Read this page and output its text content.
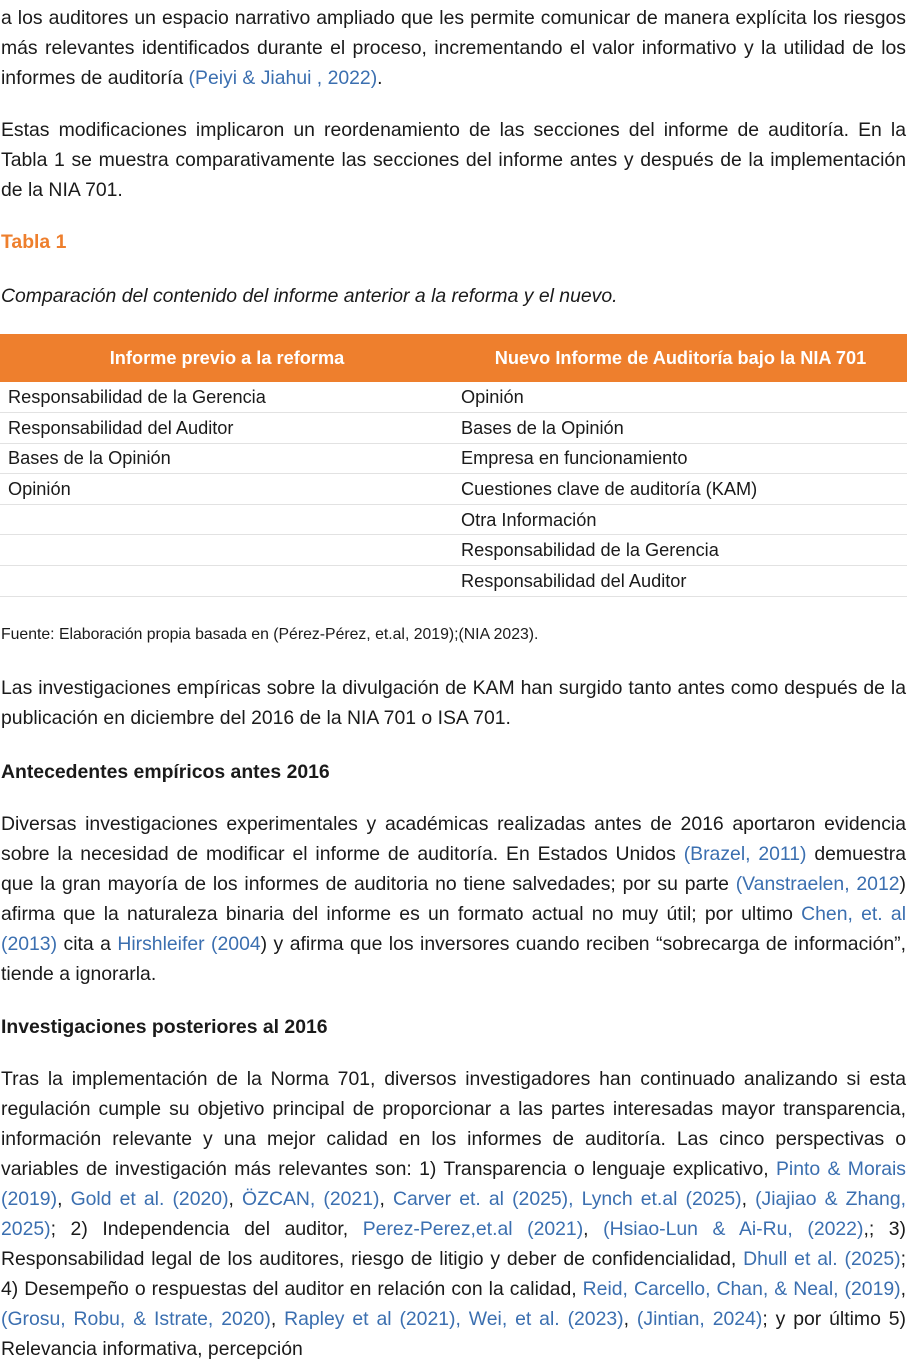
a los auditores un espacio narrativo ampliado que les permite comunicar de manera explícita los riesgos más relevantes identificados durante el proceso, incrementando el valor informativo y la utilidad de los informes de auditoría (Peiyi & Jiahui , 2022).

Estas modificaciones implicaron un reordenamiento de las secciones del informe de auditoría. En la Tabla 1 se muestra comparativamente las secciones del informe antes y después de la implementación de la NIA 701.

Tabla 1
Comparación del contenido del informe anterior a la reforma y el nuevo.
Informe previo a la reforma	Nuevo Informe de Auditoría bajo la NIA 701
Responsabilidad de la Gerencia	Opinión
Responsabilidad del Auditor	Bases de la Opinión
Bases de la Opinión	Empresa en funcionamiento
Opinión	Cuestiones clave de auditoría (KAM)
	Otra Información
	Responsabilidad de la Gerencia
	Responsabilidad del Auditor
Fuente: Elaboración propia basada en (Pérez-Pérez, et.al, 2019);(NIA 2023).

Las investigaciones empíricas sobre la divulgación de KAM han surgido tanto antes como después de la publicación en diciembre del 2016 de la NIA 701 o ISA 701.

Antecedentes empíricos antes 2016

Diversas investigaciones experimentales y académicas realizadas antes de 2016 aportaron evidencia sobre la necesidad de modificar el informe de auditoría. En Estados Unidos (Brazel, 2011) demuestra que la gran mayoría de los informes de auditoria no tiene salvedades; por su parte (Vanstraelen, 2012) afirma que la naturaleza binaria del informe es un formato actual no muy útil; por ultimo Chen, et. al (2013) cita a Hirshleifer (2004) y afirma que los inversores cuando reciben “sobrecarga de información”, tiende a ignorarla.

Investigaciones posteriores al 2016

Tras la implementación de la Norma 701, diversos investigadores han continuado analizando si esta regulación cumple su objetivo principal de proporcionar a las partes interesadas mayor transparencia, información relevante y una mejor calidad en los informes de auditoría. Las cinco perspectivas o variables de investigación más relevantes son: 1) Transparencia o lenguaje explicativo, Pinto & Morais (2019), Gold et al. (2020), ÖZCAN, (2021), Carver et. al (2025), Lynch et.al (2025), (Jiajiao & Zhang, 2025); 2) Independencia del auditor, Perez-Perez,et.al (2021), (Hsiao-Lun & Ai-Ru, (2022),; 3) Responsabilidad legal de los auditores, riesgo de litigio y deber de confidencialidad, Dhull et al. (2025); 4) Desempeño o respuestas del auditor en relación con la calidad, Reid, Carcello, Chan, & Neal, (2019), (Grosu, Robu, & Istrate, 2020), Rapley et al (2021), Wei, et al. (2023), (Jintian, 2024); y por último 5) Relevancia informativa, percepción
